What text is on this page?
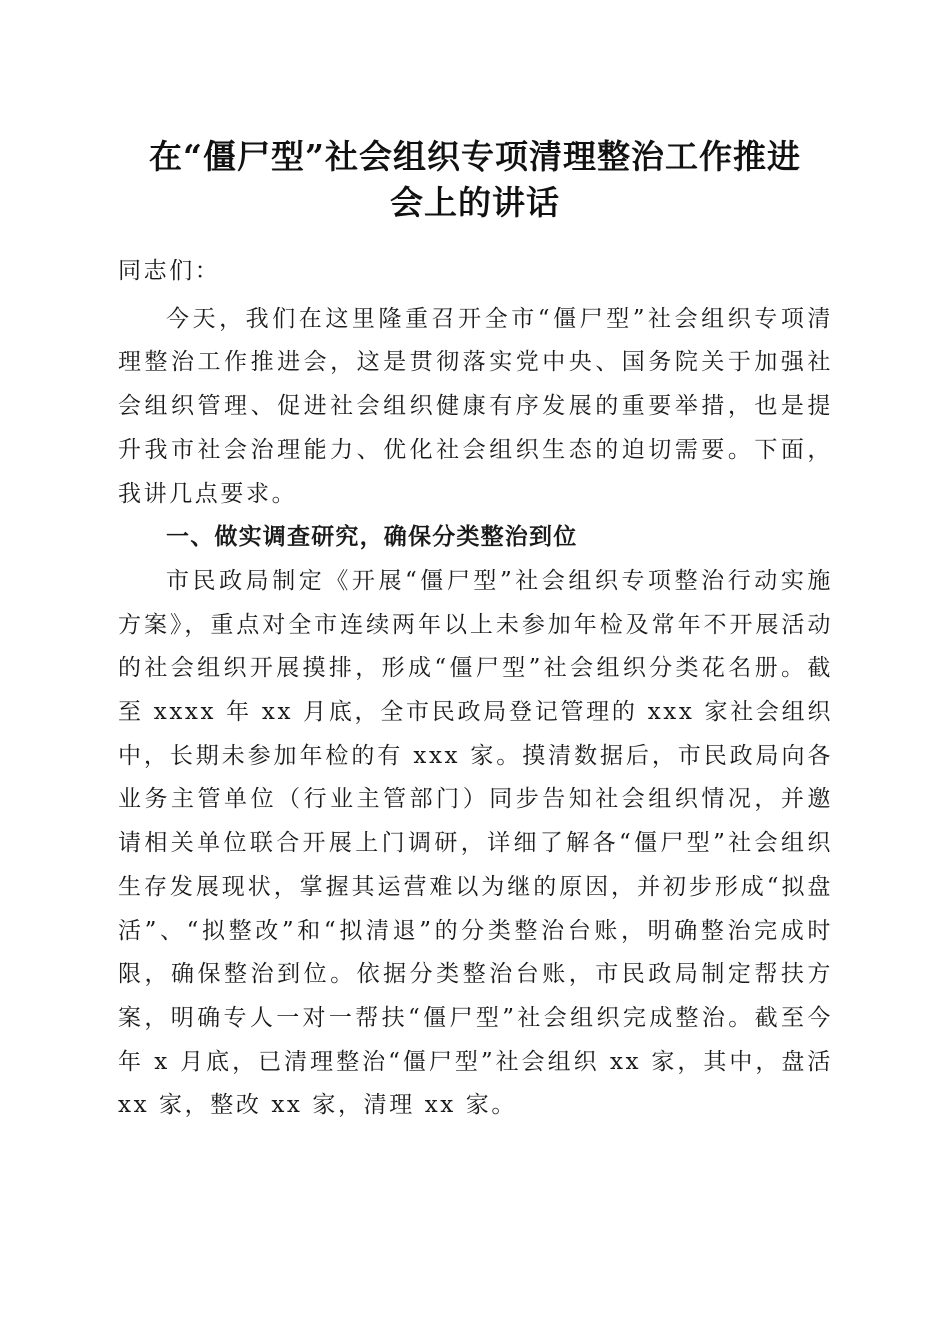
在“僵尸型”社会组织专项清理整治工作推进
会上的讲话

同志们：

今天，我们在这里隆重召开全市“僵尸型”社会组织专项清理整治工作推进会，这是贯彻落实党中央、国务院关于加强社会组织管理、促进社会组织健康有序发展的重要举措，也是提升我市社会治理能力、优化社会组织生态的迫切需要。下面，我讲几点要求。

一、做实调查研究，确保分类整治到位

市民政局制定《开展“僵尸型”社会组织专项整治行动实施方案》，重点对全市连续两年以上未参加年检及常年不开展活动的社会组织开展摸排，形成“僵尸型”社会组织分类花名册。截至 xxxx 年 xx 月底，全市民政局登记管理的 xxx 家社会组织中，长期未参加年检的有 xxx 家。摸清数据后，市民政局向各业务主管单位（行业主管部门）同步告知社会组织情况，并邀请相关单位联合开展上门调研，详细了解各“僵尸型”社会组织生存发展现状，掌握其运营难以为继的原因，并初步形成“拟盘活”、“拟整改”和“拟清退”的分类整治台账，明确整治完成时限，确保整治到位。依据分类整治台账，市民政局制定帮扶方案，明确专人一对一帮扶“僵尸型”社会组织完成整治。截至今年 x 月底，已清理整治“僵尸型”社会组织 xx 家，其中，盘活 xx 家，整改 xx 家，清理 xx 家。
